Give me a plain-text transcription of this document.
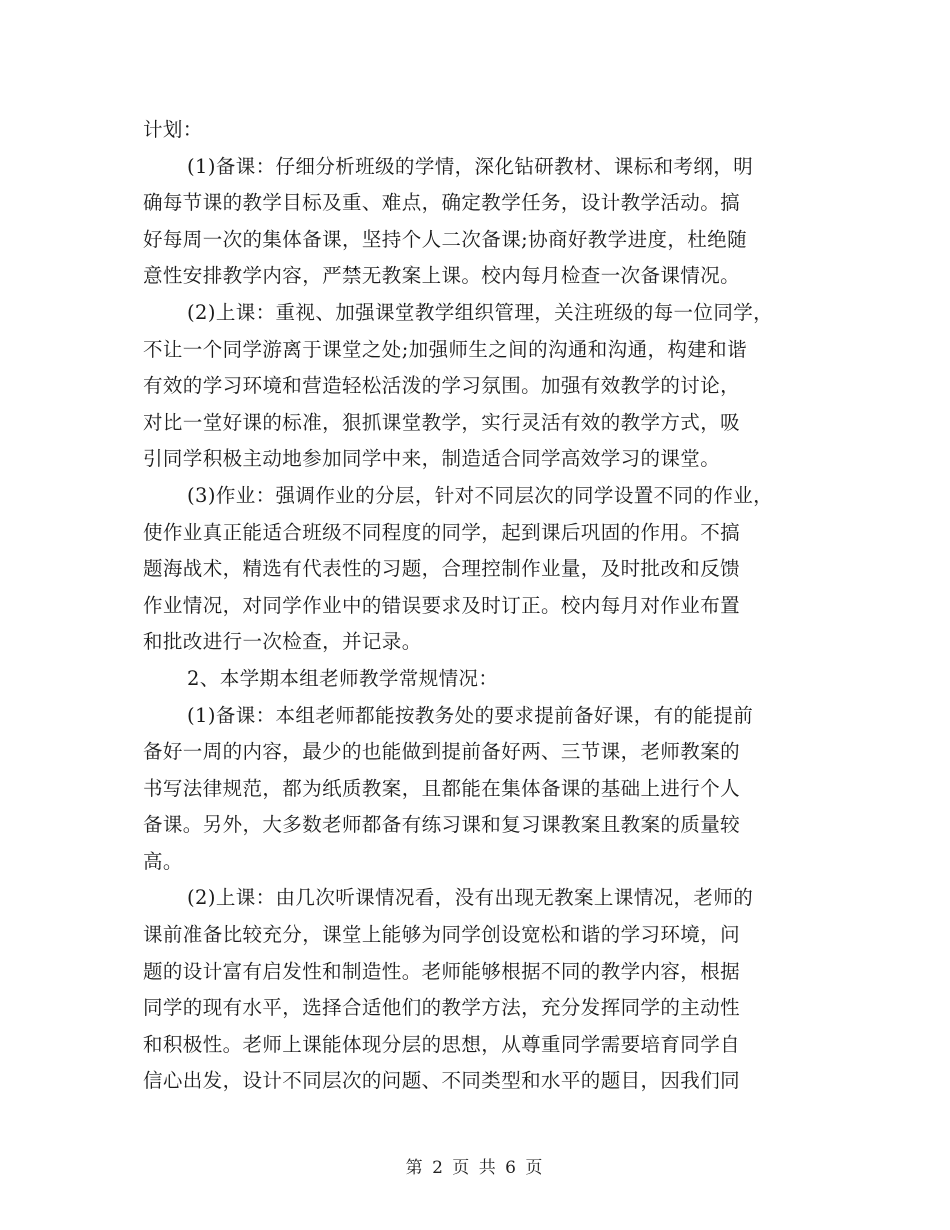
计划：
(1)备课：仔细分析班级的学情，深化钻研教材、课标和考纲，明
确每节课的教学目标及重、难点，确定教学任务，设计教学活动。搞
好每周一次的集体备课，坚持个人二次备课;协商好教学进度，杜绝随
意性安排教学内容，严禁无教案上课。校内每月检查一次备课情况。
(2)上课：重视、加强课堂教学组织管理，关注班级的每一位同学，
不让一个同学游离于课堂之处;加强师生之间的沟通和沟通，构建和谐
有效的学习环境和营造轻松活泼的学习氛围。加强有效教学的讨论，
对比一堂好课的标准，狠抓课堂教学，实行灵活有效的教学方式，吸
引同学积极主动地参加同学中来，制造适合同学高效学习的课堂。
(3)作业：强调作业的分层，针对不同层次的同学设置不同的作业，
使作业真正能适合班级不同程度的同学，起到课后巩固的作用。不搞
题海战术，精选有代表性的习题，合理控制作业量，及时批改和反馈
作业情况，对同学作业中的错误要求及时订正。校内每月对作业布置
和批改进行一次检查，并记录。
2、本学期本组老师教学常规情况：
(1)备课：本组老师都能按教务处的要求提前备好课，有的能提前
备好一周的内容，最少的也能做到提前备好两、三节课，老师教案的
书写法律规范，都为纸质教案，且都能在集体备课的基础上进行个人
备课。另外，大多数老师都备有练习课和复习课教案且教案的质量较
高。
(2)上课：由几次听课情况看，没有出现无教案上课情况，老师的
课前准备比较充分，课堂上能够为同学创设宽松和谐的学习环境，问
题的设计富有启发性和制造性。老师能够根据不同的教学内容，根据
同学的现有水平，选择合适他们的教学方法，充分发挥同学的主动性
和积极性。老师上课能体现分层的思想，从尊重同学需要培育同学自
信心出发，设计不同层次的问题、不同类型和水平的题目，因我们同
第 2 页 共 6 页
